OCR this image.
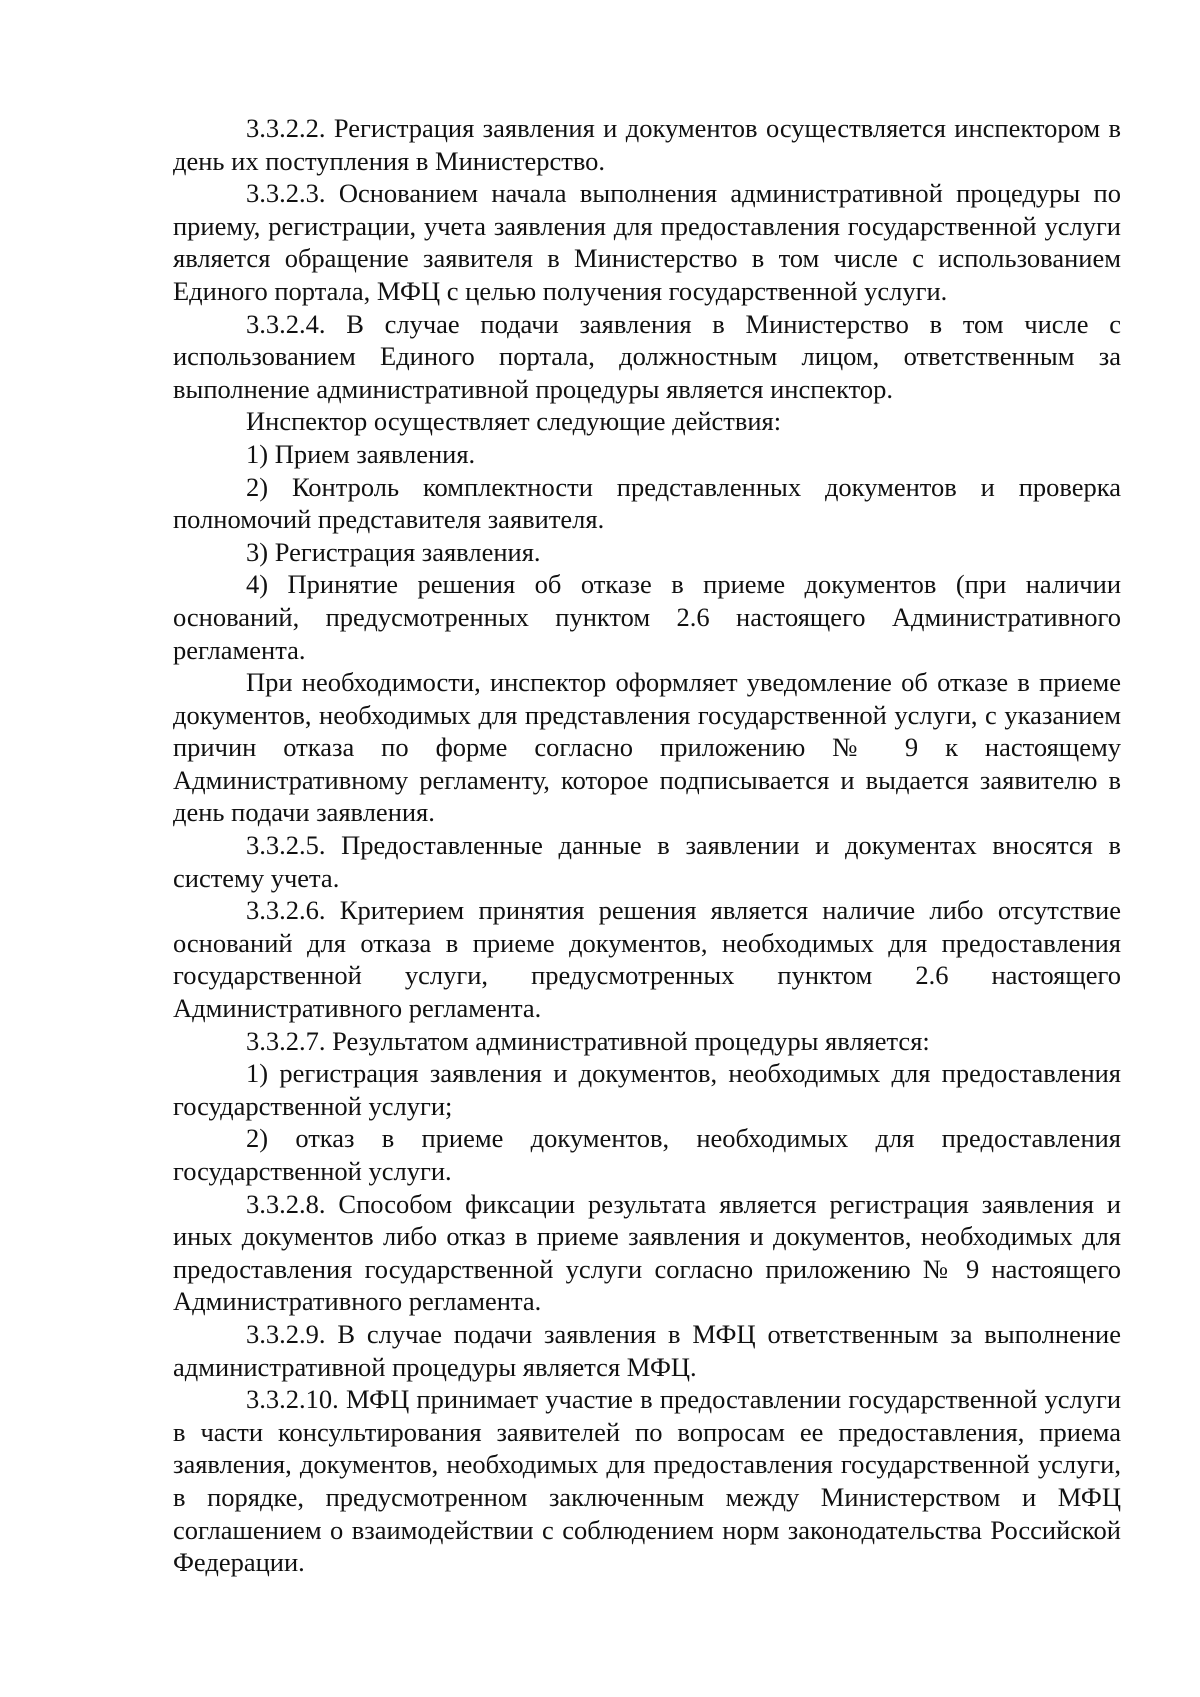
3.3.2.2. Регистрация заявления и документов осуществляется инспектором в день их поступления в Министерство.

3.3.2.3. Основанием начала выполнения административной процедуры по приему, регистрации, учета заявления для предоставления государственной услуги является обращение заявителя в Министерство в том числе с использованием Единого портала, МФЦ с целью получения государственной услуги.

3.3.2.4. В случае подачи заявления в Министерство в том числе с использованием Единого портала, должностным лицом, ответственным за выполнение административной процедуры является инспектор.

Инспектор осуществляет следующие действия:

1) Прием заявления.

2) Контроль комплектности представленных документов и проверка полномочий представителя заявителя.

3) Регистрация заявления.

4) Принятие решения об отказе в приеме документов (при наличии оснований, предусмотренных пунктом 2.6 настоящего Административного регламента.

При необходимости, инспектор оформляет уведомление об отказе в приеме документов, необходимых для представления государственной услуги, с указанием причин отказа по форме согласно приложению № 9 к настоящему Административному регламенту, которое подписывается и выдается заявителю в день подачи заявления.

3.3.2.5. Предоставленные данные в заявлении и документах вносятся в систему учета.

3.3.2.6. Критерием принятия решения является наличие либо отсутствие оснований для отказа в приеме документов, необходимых для предоставления государственной услуги, предусмотренных пунктом 2.6 настоящего Административного регламента.

3.3.2.7. Результатом административной процедуры является:

1) регистрация заявления и документов, необходимых для предоставления государственной услуги;

2) отказ в приеме документов, необходимых для предоставления государственной услуги.

3.3.2.8. Способом фиксации результата является регистрация заявления и иных документов либо отказ в приеме заявления и документов, необходимых для предоставления государственной услуги согласно приложению № 9 настоящего Административного регламента.

3.3.2.9. В случае подачи заявления в МФЦ ответственным за выполнение административной процедуры является МФЦ.

3.3.2.10. МФЦ принимает участие в предоставлении государственной услуги в части консультирования заявителей по вопросам ее предоставления, приема заявления, документов, необходимых для предоставления государственной услуги, в порядке, предусмотренном заключенным между Министерством и МФЦ соглашением о взаимодействии с соблюдением норм законодательства Российской Федерации.
